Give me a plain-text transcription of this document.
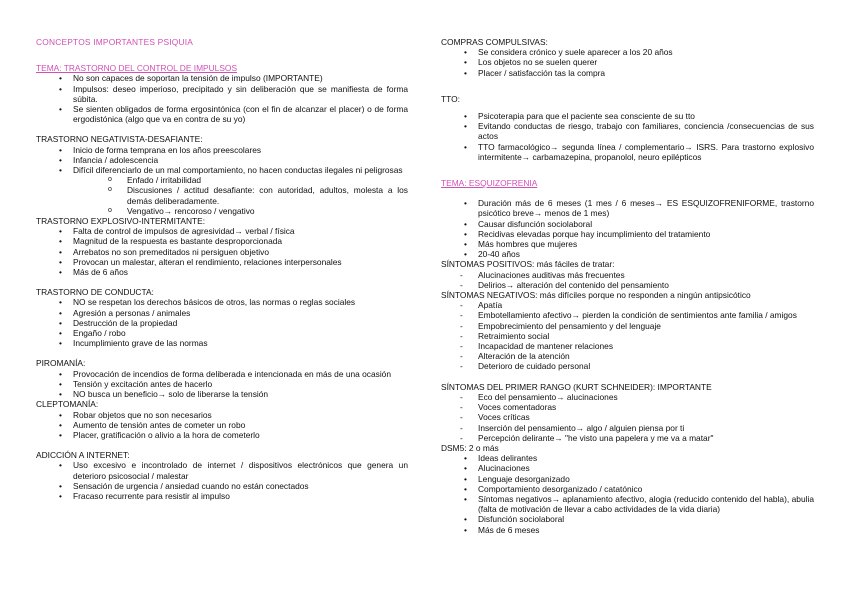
CONCEPTOS IMPORTANTES PSIQUIA

TEMA: TRASTORNO DEL CONTROL DE IMPULSOS

• No son capaces de soportan la tensión de impulso (IMPORTANTE)
• Impulsos: deseo imperioso, precipitado y sin deliberación que se manifiesta de forma súbita.
• Se sienten obligados de forma ergosintónica (con el fin de alcanzar el placer) o de forma ergodistónica (algo que va en contra de su yo)

TRASTORNO NEGATIVISTA-DESAFIANTE:

• Inicio de forma temprana en los años preescolares
• Infancia / adolescencia
• Difícil diferenciarlo de un mal comportamiento, no hacen conductas ilegales ni peligrosas
o Enfado / irritabilidad
o Discusiones / actitud desafiante: con autoridad, adultos, molesta a los demás deliberadamente.
o Vengativo→ rencoroso / vengativo

TRASTORNO EXPLOSIVO-INTERMITANTE:

• Falta de control de impulsos de agresividad→ verbal / física
• Magnitud de la respuesta es bastante desproporcionada
• Arrebatos no son premeditados ni persiguen objetivo
• Provocan un malestar, alteran el rendimiento, relaciones interpersonales
• Más de 6 años

TRASTORNO DE CONDUCTA:

• NO se respetan los derechos básicos de otros, las normas o reglas sociales
• Agresión a personas / animales
• Destrucción de la propiedad
• Engaño / robo
• Incumplimiento grave de las normas

PIROMANÍA:

• Provocación de incendios de forma deliberada e intencionada en más de una ocasión
• Tensión y excitación antes de hacerlo
• NO busca un beneficio→ solo de liberarse la tensión

CLEPTOMANÍA:

• Robar objetos que no son necesarios
• Aumento de tensión antes de cometer un robo
• Placer, gratificación o alivio a la hora de cometerlo

ADICCIÓN A INTERNET:

• Uso excesivo e incontrolado de internet / dispositivos electrónicos que genera un deterioro psicosocial / malestar
• Sensación de urgencia / ansiedad cuando no están conectados
• Fracaso recurrente para resistir al impulso

COMPRAS COMPULSIVAS:

• Se considera crónico y suele aparecer a los 20 años
• Los objetos no se suelen querer
• Placer / satisfacción tas la compra

TTO:

• Psicoterapia para que el paciente sea consciente de su tto
• Evitando conductas de riesgo, trabajo con familiares, conciencia /consecuencias de sus actos
• TTO farmacológico→ segunda línea / complementario→ ISRS. Para trastorno explosivo intermitente→ carbamazepina, propanolol, neuro epilépticos

TEMA: ESQUIZOFRENIA

• Duración más de 6 meses (1 mes / 6 meses→ ES ESQUIZOFRENIFORME, trastorno psicótico breve→ menos de 1 mes)
• Causar disfunción sociolaboral
• Recidivas elevadas porque hay incumplimiento del tratamiento
• Más hombres que mujeres
• 20-40 años

SÍNTOMAS POSITIVOS: más fáciles de tratar:

- Alucinaciones auditivas más frecuentes
- Delirios→ alteración del contenido del pensamiento

SÍNTOMAS NEGATIVOS: más difíciles porque no responden a ningún antipsicótico

- Apatía
- Embotellamiento afectivo→ pierden la condición de sentimientos ante familia / amigos
- Empobrecimiento del pensamiento y del lenguaje
- Retraimiento social
- Incapacidad de mantener relaciones
- Alteración de la atención
- Deterioro de cuidado personal

SÍNTOMAS DEL PRIMER RANGO (KURT SCHNEIDER): IMPORTANTE

- Eco del pensamiento→ alucinaciones
- Voces comentadoras
- Voces críticas
- Inserción del pensamiento→ algo / alguien piensa por ti
- Percepción delirante→ "he visto una papelera y me va a matar"

DSM5: 2 o más

• Ideas delirantes
• Alucinaciones
• Lenguaje desorganizado
• Comportamiento desorganizado / catatónico
• Síntomas negativos→ aplanamiento afectivo, alogia (reducido contenido del habla), abulia (falta de motivación de llevar a cabo actividades de la vida diaria)
• Disfunción sociolaboral
• Más de 6 meses
